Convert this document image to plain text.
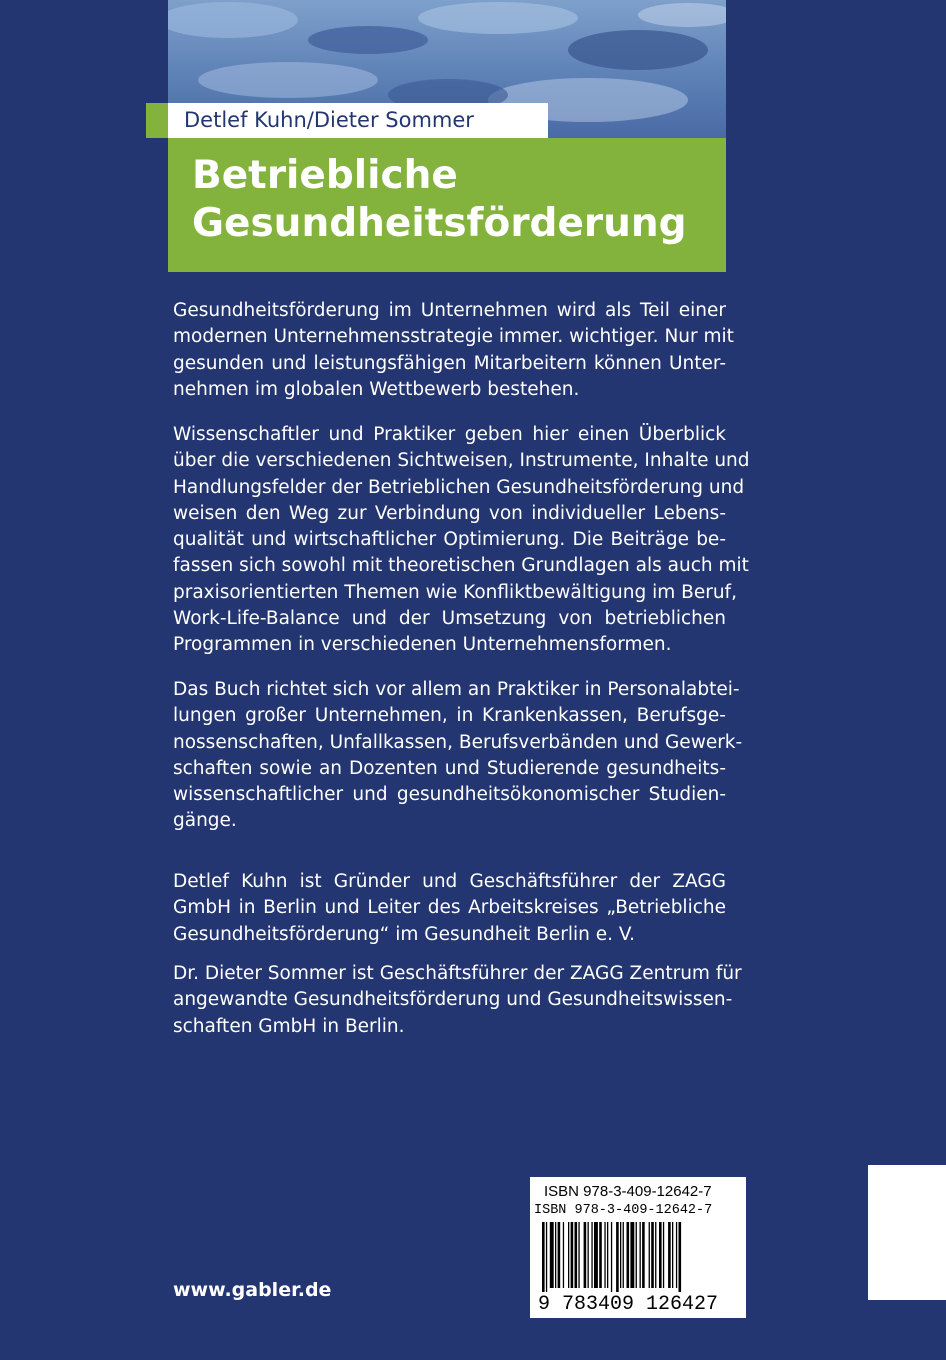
Detlef Kuhn/Dieter Sommer
Betriebliche
Gesundheitsförderung

Gesundheitsförderung im Unternehmen wird als Teil einer
modernen Unternehmensstrategie immer. wichtiger. Nur mit
gesunden und leistungsfähigen Mitarbeitern können Unter-
nehmen im globalen Wettbewerb bestehen.

Wissenschaftler und Praktiker geben hier einen Überblick
über die verschiedenen Sichtweisen, Instrumente, Inhalte und
Handlungsfelder der Betrieblichen Gesundheitsförderung und
weisen den Weg zur Verbindung von individueller Lebens-
qualität und wirtschaftlicher Optimierung. Die Beiträge be-
fassen sich sowohl mit theoretischen Grundlagen als auch mit
praxisorientierten Themen wie Konfliktbewältigung im Beruf,
Work-Life-Balance und der Umsetzung von betrieblichen
Programmen in verschiedenen Unternehmensformen.

Das Buch richtet sich vor allem an Praktiker in Personalabtei-
lungen großer Unternehmen, in Krankenkassen, Berufsge-
nossenschaften, Unfallkassen, Berufsverbänden und Gewerk-
schaften sowie an Dozenten und Studierende gesundheits-
wissenschaftlicher und gesundheitsökonomischer Studien-
gänge.

Detlef Kuhn ist Gründer und Geschäftsführer der ZAGG
GmbH in Berlin und Leiter des Arbeitskreises „Betriebliche
Gesundheitsförderung“ im Gesundheit Berlin e. V.

Dr. Dieter Sommer ist Geschäftsführer der ZAGG Zentrum für
angewandte Gesundheitsförderung und Gesundheitswissen-
schaften GmbH in Berlin.

www.gabler.de
ISBN 978-3-409-12642-7
ISBN 978-3-409-12642-7
9 783409 126427
